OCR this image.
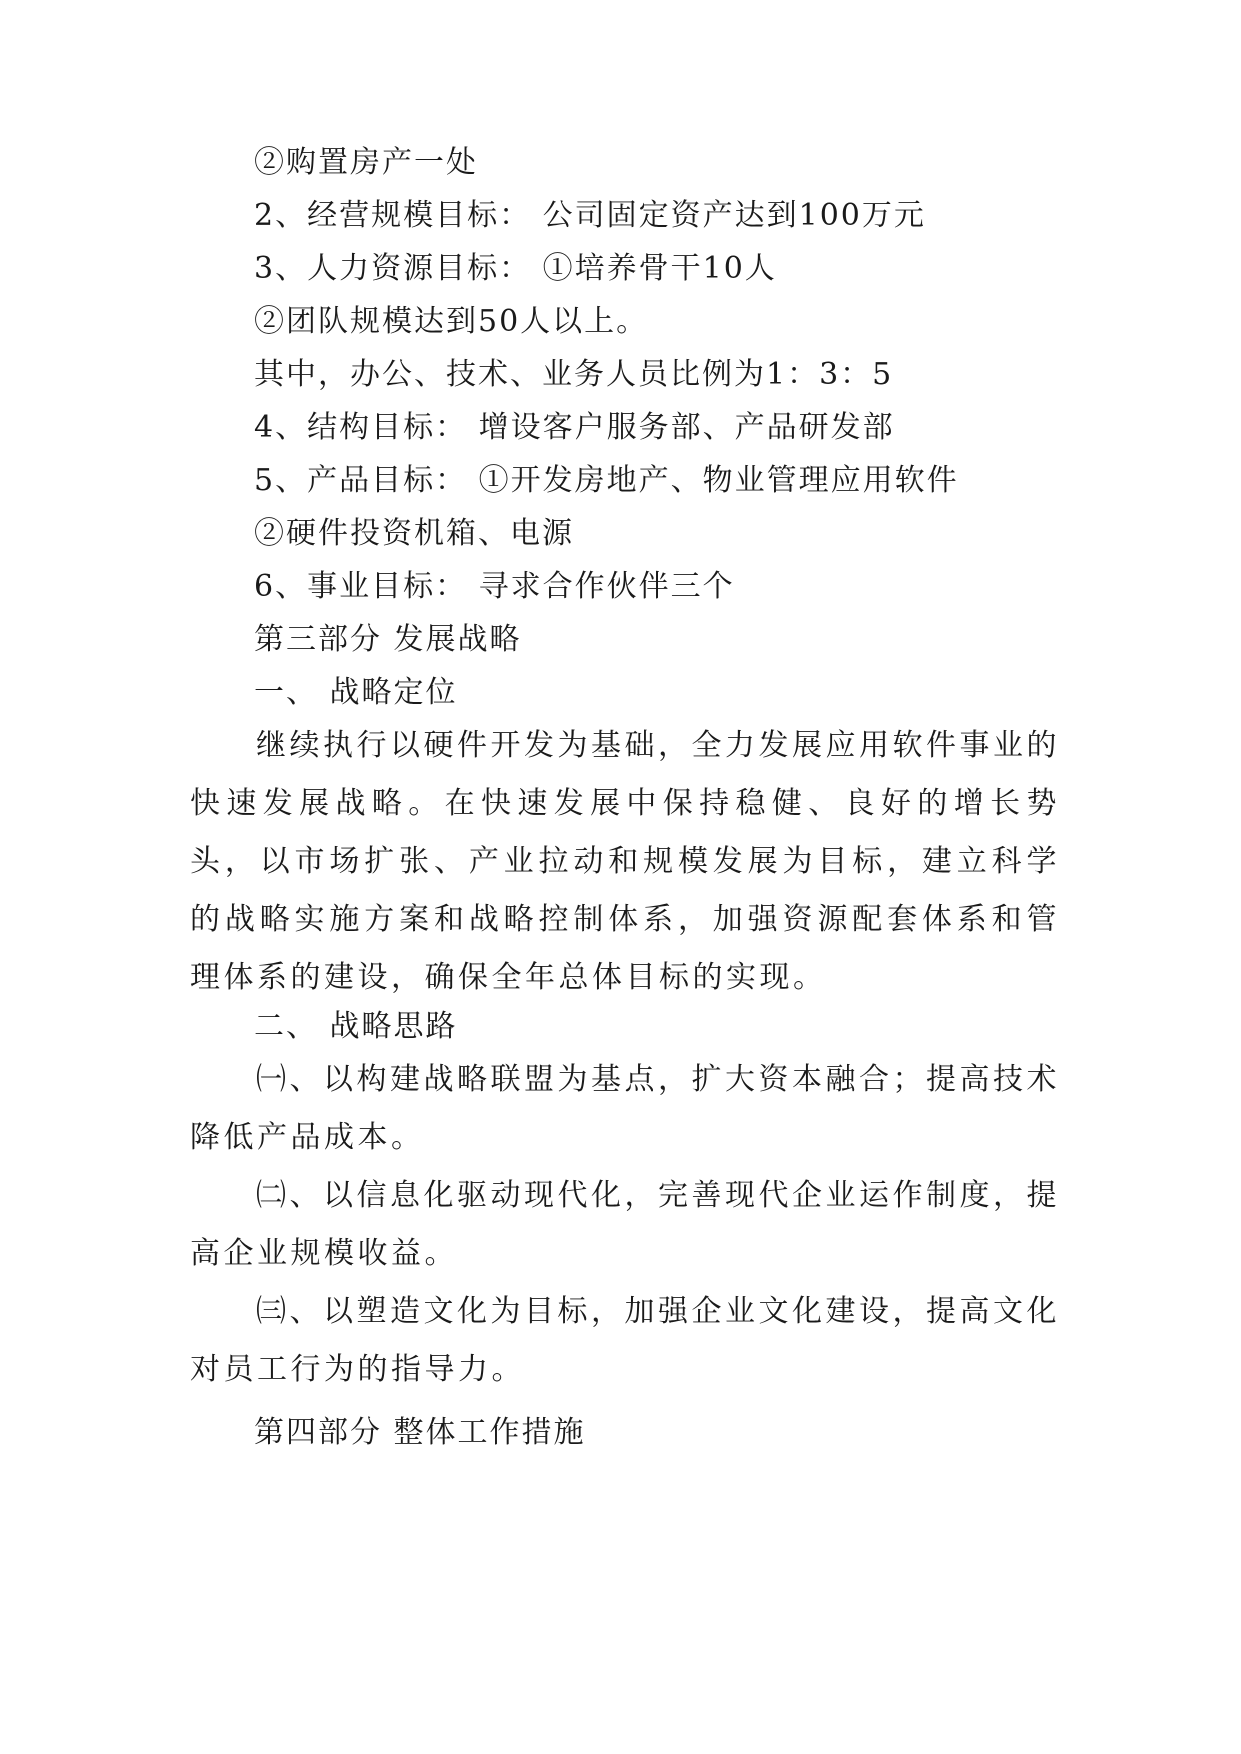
②购置房产一处
2、经营规模目标： 公司固定资产达到100万元
3、人力资源目标： ①培养骨干10人
②团队规模达到50人以上。
其中，办公、技术、业务人员比例为1：3：5
4、结构目标： 增设客户服务部、产品研发部
5、产品目标： ①开发房地产、物业管理应用软件
②硬件投资机箱、电源
6、事业目标： 寻求合作伙伴三个
第三部分 发展战略
一、 战略定位
继续执行以硬件开发为基础，全力发展应用软件事业的快速发展战略。在快速发展中保持稳健、良好的增长势头，以市场扩张、产业拉动和规模发展为目标，建立科学的战略实施方案和战略控制体系，加强资源配套体系和管理体系的建设，确保全年总体目标的实现。
二、 战略思路
㈠、以构建战略联盟为基点，扩大资本融合；提高技术降低产品成本。
㈡、以信息化驱动现代化，完善现代企业运作制度，提高企业规模收益。
㈢、以塑造文化为目标，加强企业文化建设，提高文化对员工行为的指导力。
第四部分 整体工作措施
